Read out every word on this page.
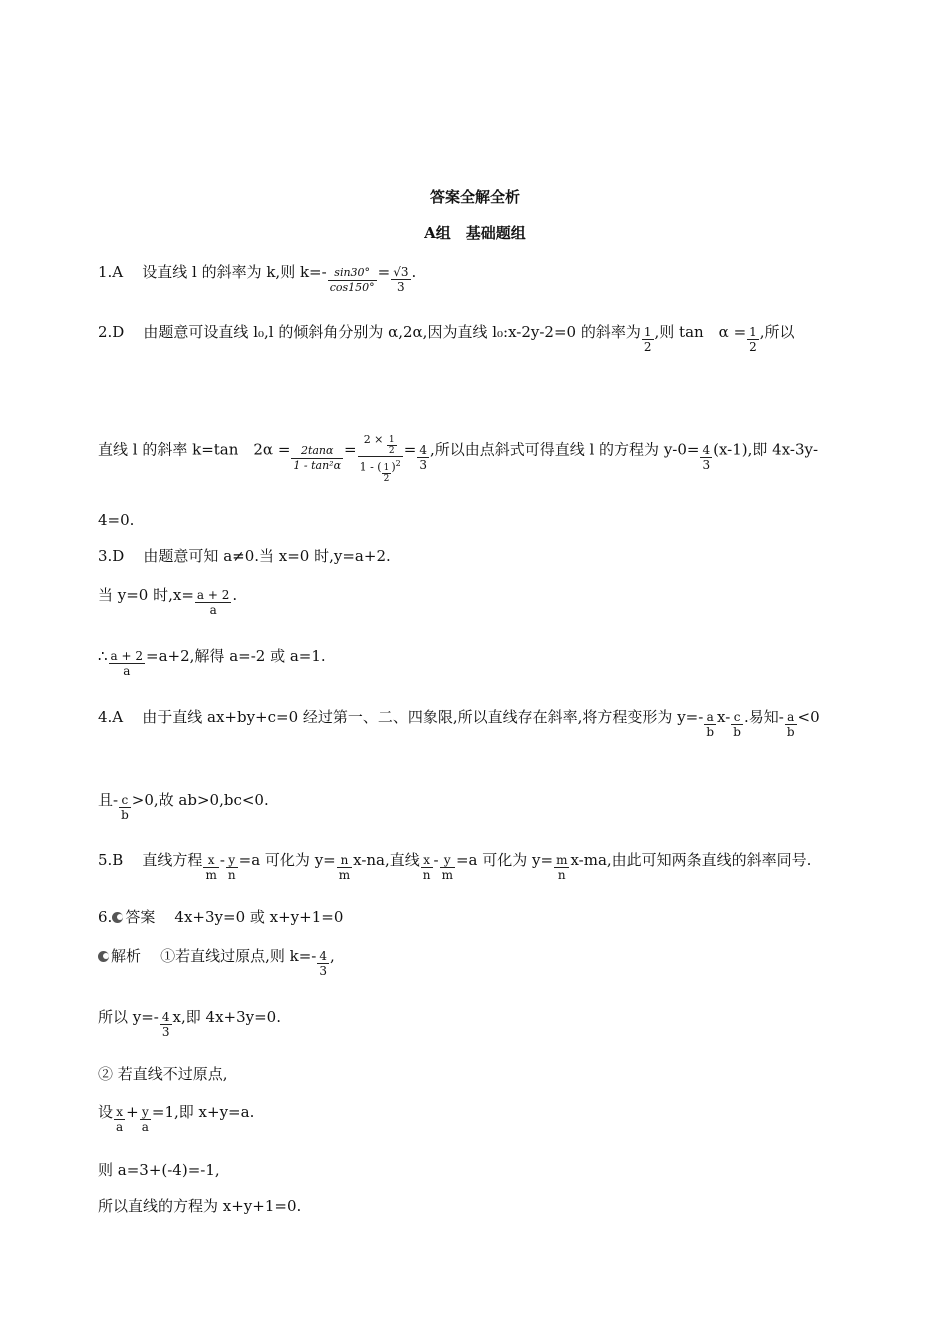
答案全解全析
A组　基础题组
1.A 设直线 l 的斜率为 k,则 $k=- \frac{\sin 30^\circ}{\cos 150^\circ} = \frac{√3}{3}$ .
2.D 由题意可设直线 l₀,l 的倾斜角分别为 α,2α,因为直线 l₀:x-2y-2=0 的斜率为 $\frac{1}{2}$ ,则 tan　$\alpha = \frac{1}{2}$ ,所以
直线 l 的斜率 k=tan　$2\alpha = \frac{2\tan\alpha}{\text{1 - tan²α}} = \frac{2 \times \frac{1}{2}}{1 - ( \frac{1}{2} )^2} = \frac{4}{3}$ ,所以由点斜式可得直线 l 的方程为 $y-0= \frac{4}{3} (x-1)$,即 4x-3y-
4=0.
3.D 由题意可知 a≠0.当 x=0 时,y=a+2.
当 y=0 时$,x= \frac{a + 2}{a}$ .
∴ $\frac{a + 2}{a} =a+2$,解得 a=-2 或 a=1.
4.A 由于直线 ax+by+c=0 经过第一、二、四象限,所以直线存在斜率,将方程变形为 $y=- \frac{a}{b} x- \frac{c}{b}$ .易知- $\frac{a}{b} <0$
且- $\frac{c}{b} >0$,故 ab>0,bc<0.
5.B 直线方程 $\frac{x}{m} - \frac{y}{n} =a$ 可化为 $y= \frac{n}{m} x-na$,直线 $\frac{x}{n} - \frac{y}{m} =a$ 可化为 $y= \frac{m}{n} x-ma$,由此可知两条直线的斜率同号.
6. 答案 4x+3y=0 或 x+y+1=0
解析 ①若直线过原点,则 $k=- \frac{4}{3}$ ,
所以 $y=- \frac{4}{3} x$,即 4x+3y=0.
② 若直线不过原点,
设 $\frac{x}{a} + \frac{y}{a} =1$,即 x+y=a.
则 a=3+(-4)=-1,
所以直线的方程为 x+y+1=0.
